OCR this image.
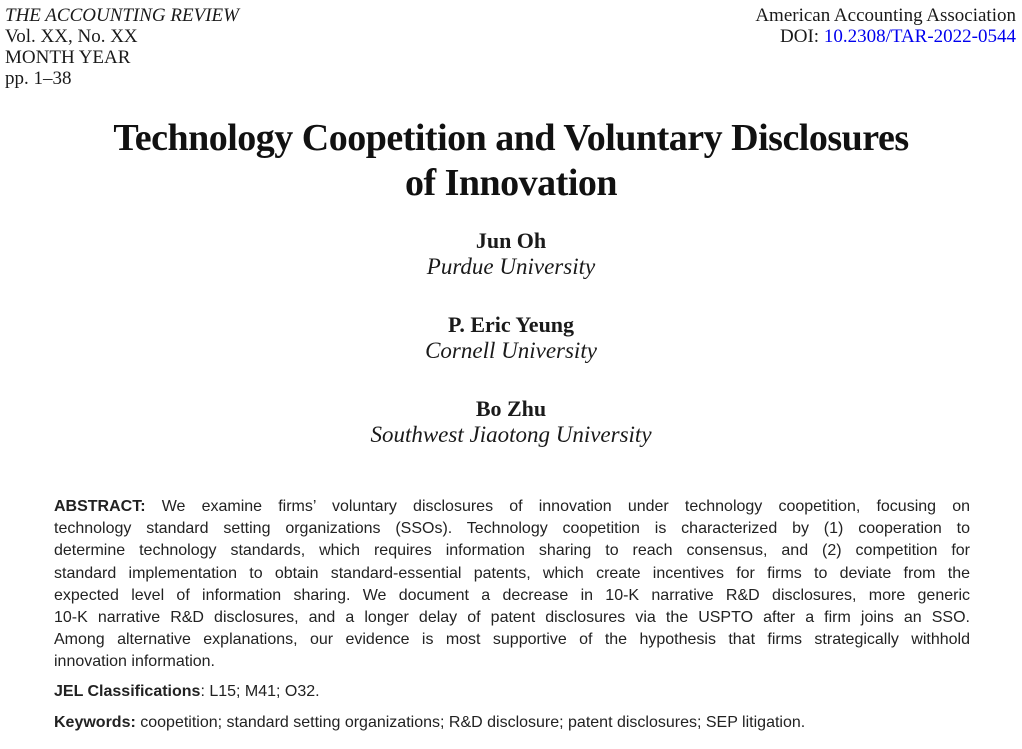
THE ACCOUNTING REVIEW
Vol. XX, No. XX
MONTH YEAR
pp. 1–38
American Accounting Association
DOI: 10.2308/TAR-2022-0544
Technology Coopetition and Voluntary Disclosures
of Innovation
Jun Oh
Purdue University
P. Eric Yeung
Cornell University
Bo Zhu
Southwest Jiaotong University
ABSTRACT: We examine firms’ voluntary disclosures of innovation under technology coopetition, focusing on
technology standard setting organizations (SSOs). Technology coopetition is characterized by (1) cooperation to
determine technology standards, which requires information sharing to reach consensus, and (2) competition for
standard implementation to obtain standard-essential patents, which create incentives for firms to deviate from the
expected level of information sharing. We document a decrease in 10-K narrative R&D disclosures, more generic
10-K narrative R&D disclosures, and a longer delay of patent disclosures via the USPTO after a firm joins an SSO.
Among alternative explanations, our evidence is most supportive of the hypothesis that firms strategically withhold
innovation information.
JEL Classifications: L15; M41; O32.
Keywords: coopetition; standard setting organizations; R&D disclosure; patent disclosures; SEP litigation.
